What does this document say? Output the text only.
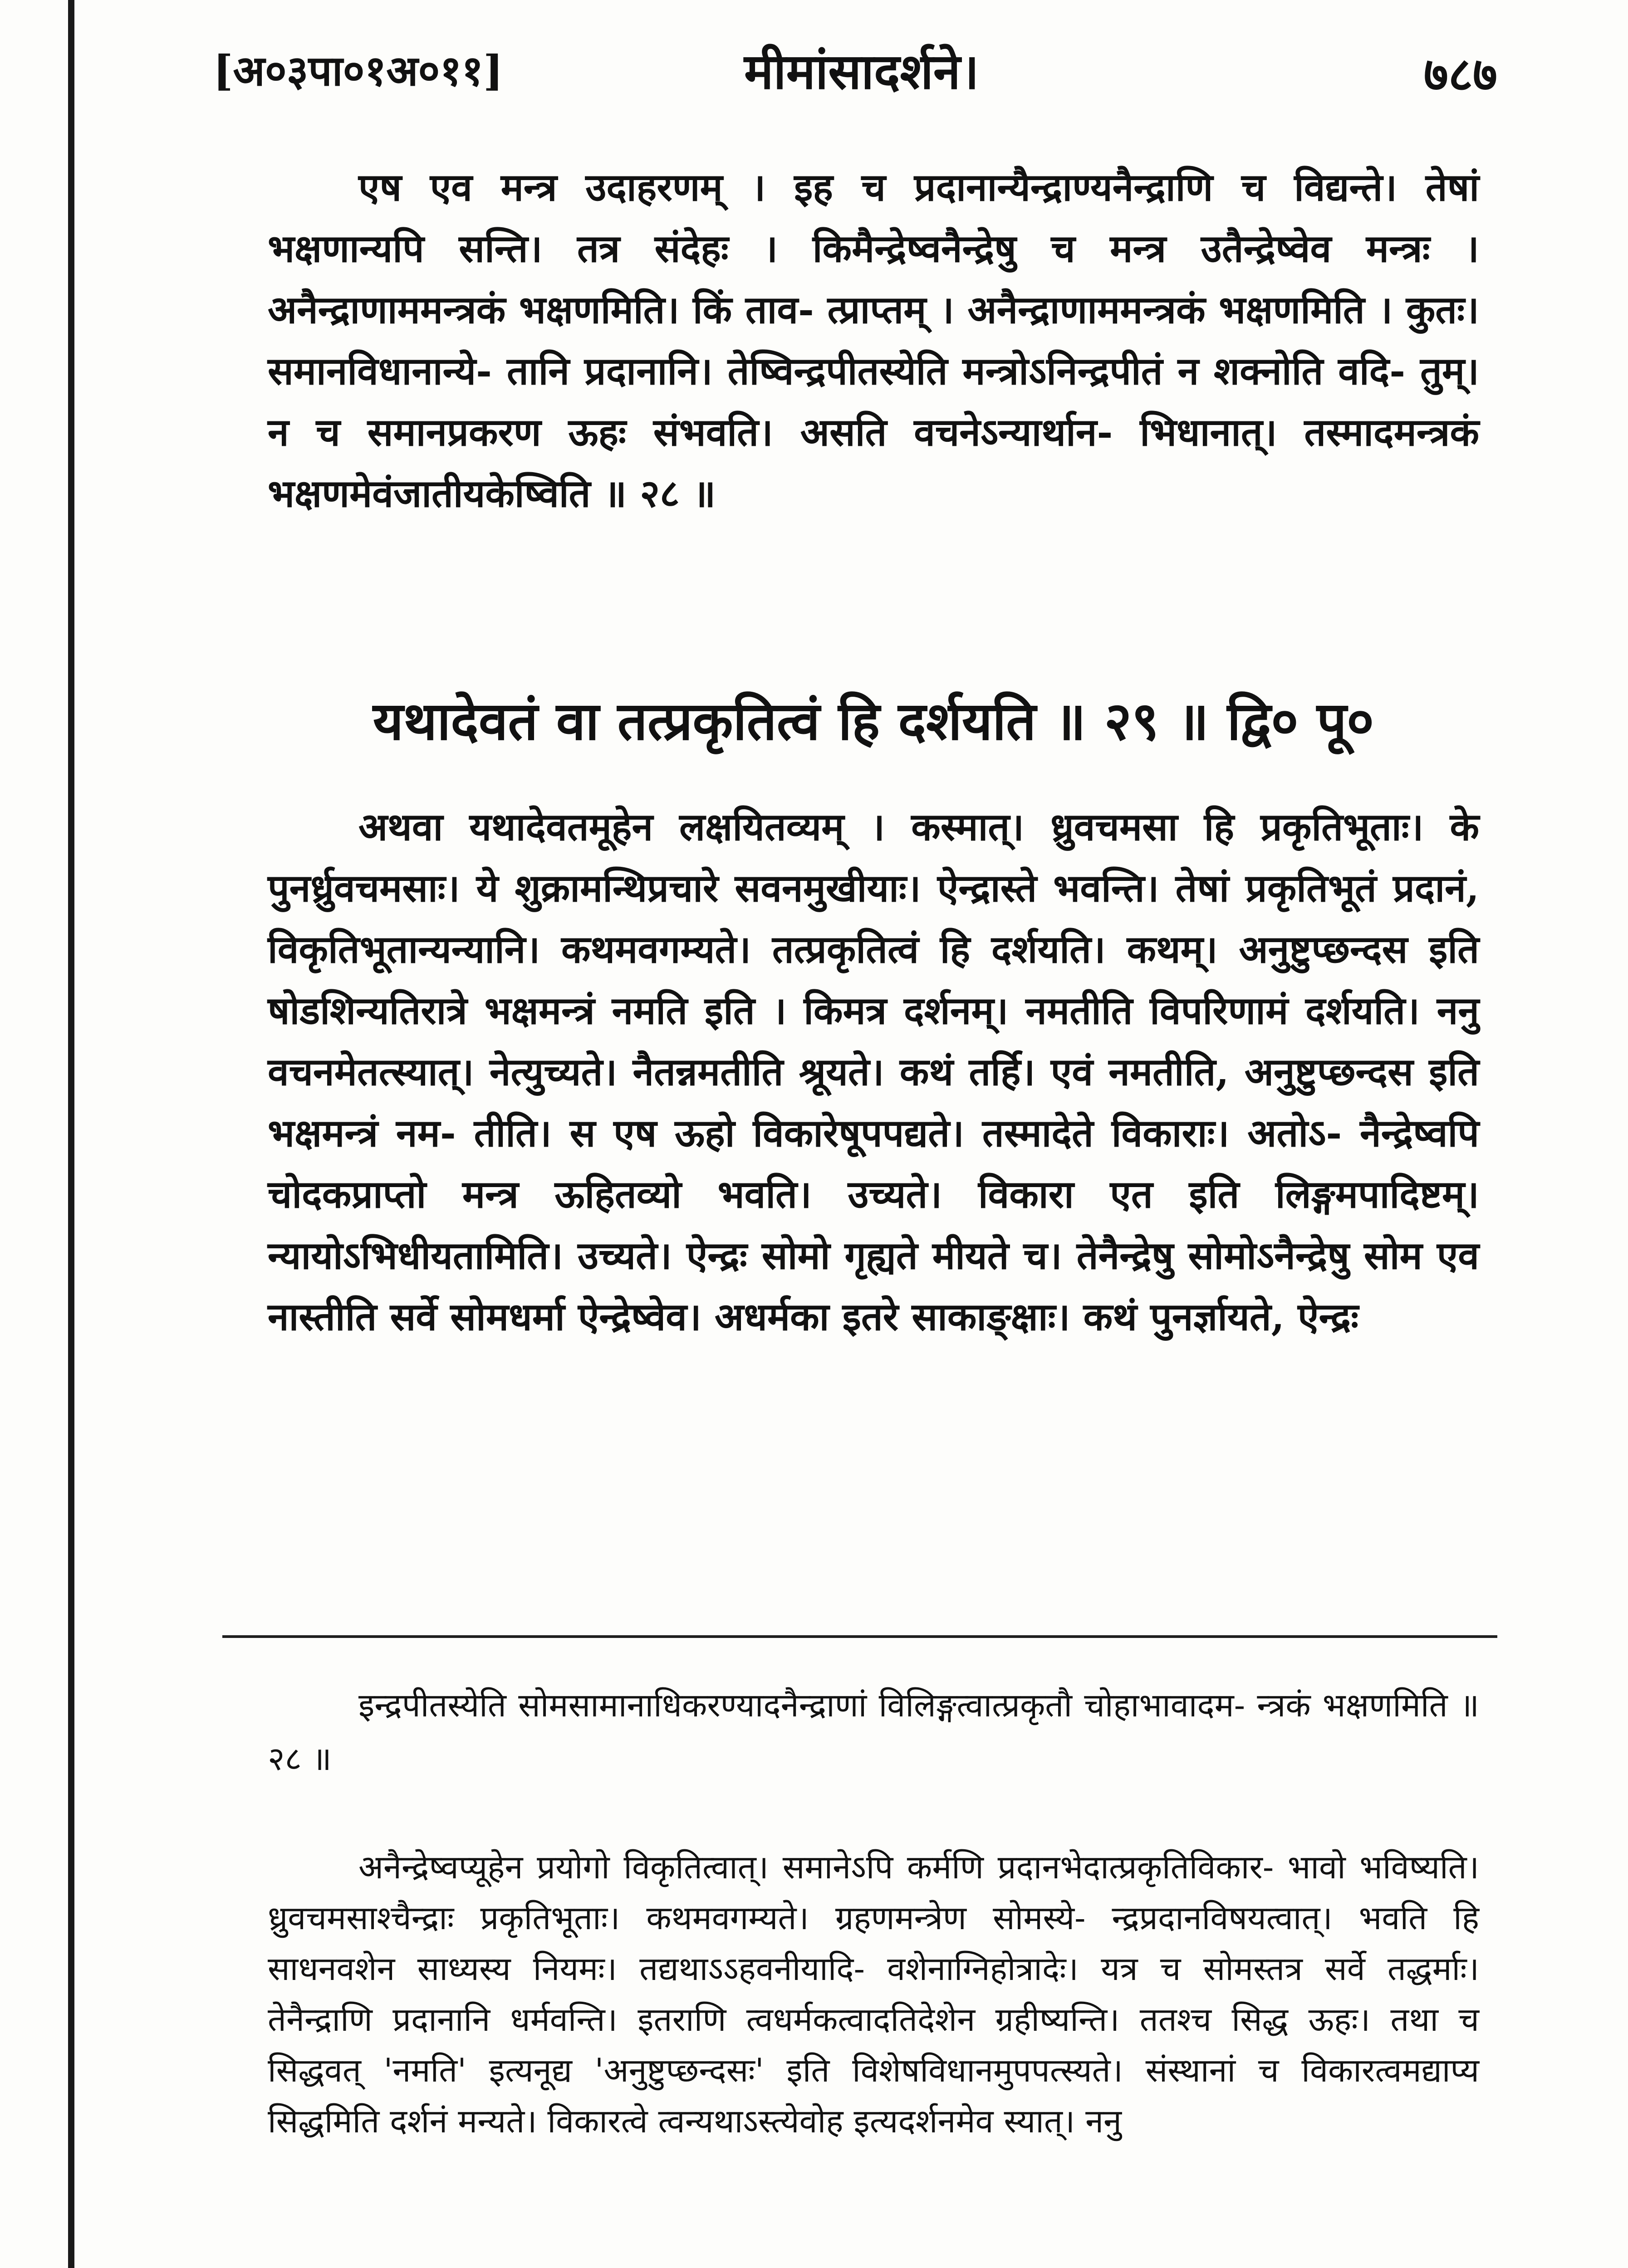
[अ०३पा०१अ०११]	मीमांसादर्शने।	७८७

एष एव मन्त्र उदाहरणम् । इह च प्रदानान्यैन्द्राण्यनैन्द्राणि च विद्यन्ते। तेषां भक्षणान्यपि सन्ति। तत्र संदेहः । किमैन्द्रेष्वनैन्द्रेषु च मन्त्र उतैन्द्रेष्वेव मन्त्रः । अनैन्द्राणाममन्त्रकं भक्षणमिति। किं ताव- त्प्राप्तम् । अनैन्द्राणाममन्त्रकं भक्षणमिति । कुतः। समानविधानान्ये- तानि प्रदानानि। तेष्विन्द्रपीतस्येति मन्त्रोऽनिन्द्रपीतं न शक्नोति वदि- तुम्। न च समानप्रकरण ऊहः संभवति। असति वचनेऽन्यार्थान- भिधानात्। तस्मादमन्त्रकं भक्षणमेवंजातीयकेष्विति ॥ २८ ॥

यथादेवतं वा तत्प्रकृतित्वं हि दर्शयति ॥ २९ ॥ द्वि० पू०

अथवा यथादेवतमूहेन लक्षयितव्यम् । कस्मात्। ध्रुवचमसा हि प्रकृतिभूताः। के पुनर्ध्रुवचमसाः। ये शुक्रामन्थिप्रचारे सवनमुखीयाः। ऐन्द्रास्ते भवन्ति। तेषां प्रकृतिभूतं प्रदानं, विकृतिभूतान्यन्यानि। कथमवगम्यते। तत्प्रकृतित्वं हि दर्शयति। कथम्। अनुष्टुप्छन्दस इति षोडशिन्यतिरात्रे भक्षमन्त्रं नमति इति । किमत्र दर्शनम्। नमतीति विपरिणामं दर्शयति। ननु वचनमेतत्स्यात्। नेत्युच्यते। नैतन्नमतीति श्रूयते। कथं तर्हि। एवं नमतीति, अनुष्टुप्छन्दस इति भक्षमन्त्रं नम- तीति। स एष ऊहो विकारेषूपपद्यते। तस्मादेते विकाराः। अतोऽ- नैन्द्रेष्वपि चोदकप्राप्तो मन्त्र ऊहितव्यो भवति। उच्यते। विकारा एत इति लिङ्गमपादिष्टम्। न्यायोऽभिधीयतामिति। उच्यते। ऐन्द्रः सोमो गृह्यते मीयते च। तेनैन्द्रेषु सोमोऽनैन्द्रेषु सोम एव नास्तीति सर्वे सोमधर्मा ऐन्द्रेष्वेव। अधर्मका इतरे साकाङ्क्षाः। कथं पुनर्ज्ञायते, ऐन्द्रः

इन्द्रपीतस्येति सोमसामानाधिकरण्यादनैन्द्राणां विलिङ्गत्वात्प्रकृतौ चोहाभावादम- न्त्रकं भक्षणमिति ॥ २८ ॥

अनैन्द्रेष्वप्यूहेन प्रयोगो विकृतित्वात्। समानेऽपि कर्मणि प्रदानभेदात्प्रकृतिविकार- भावो भविष्यति। ध्रुवचमसाश्चैन्द्राः प्रकृतिभूताः। कथमवगम्यते। ग्रहणमन्त्रेण सोमस्ये- न्द्रप्रदानविषयत्वात्। भवति हि साधनवशेन साध्यस्य नियमः। तद्यथाऽऽहवनीयादि- वशेनाग्निहोत्रादेः। यत्र च सोमस्तत्र सर्वे तद्धर्माः। तेनैन्द्राणि प्रदानानि धर्मवन्ति। इतराणि त्वधर्मकत्वादतिदेशेन ग्रहीष्यन्ति। ततश्च सिद्ध ऊहः। तथा च सिद्धवत् 'नमति' इत्यनूद्य 'अनुष्टुप्छन्दसः' इति विशेषविधानमुपपत्स्यते। संस्थानां च विकारत्वमद्याप्य सिद्धमिति दर्शनं मन्यते। विकारत्वे त्वन्यथाऽस्त्येवोह इत्यदर्शनमेव स्यात्। ननु
